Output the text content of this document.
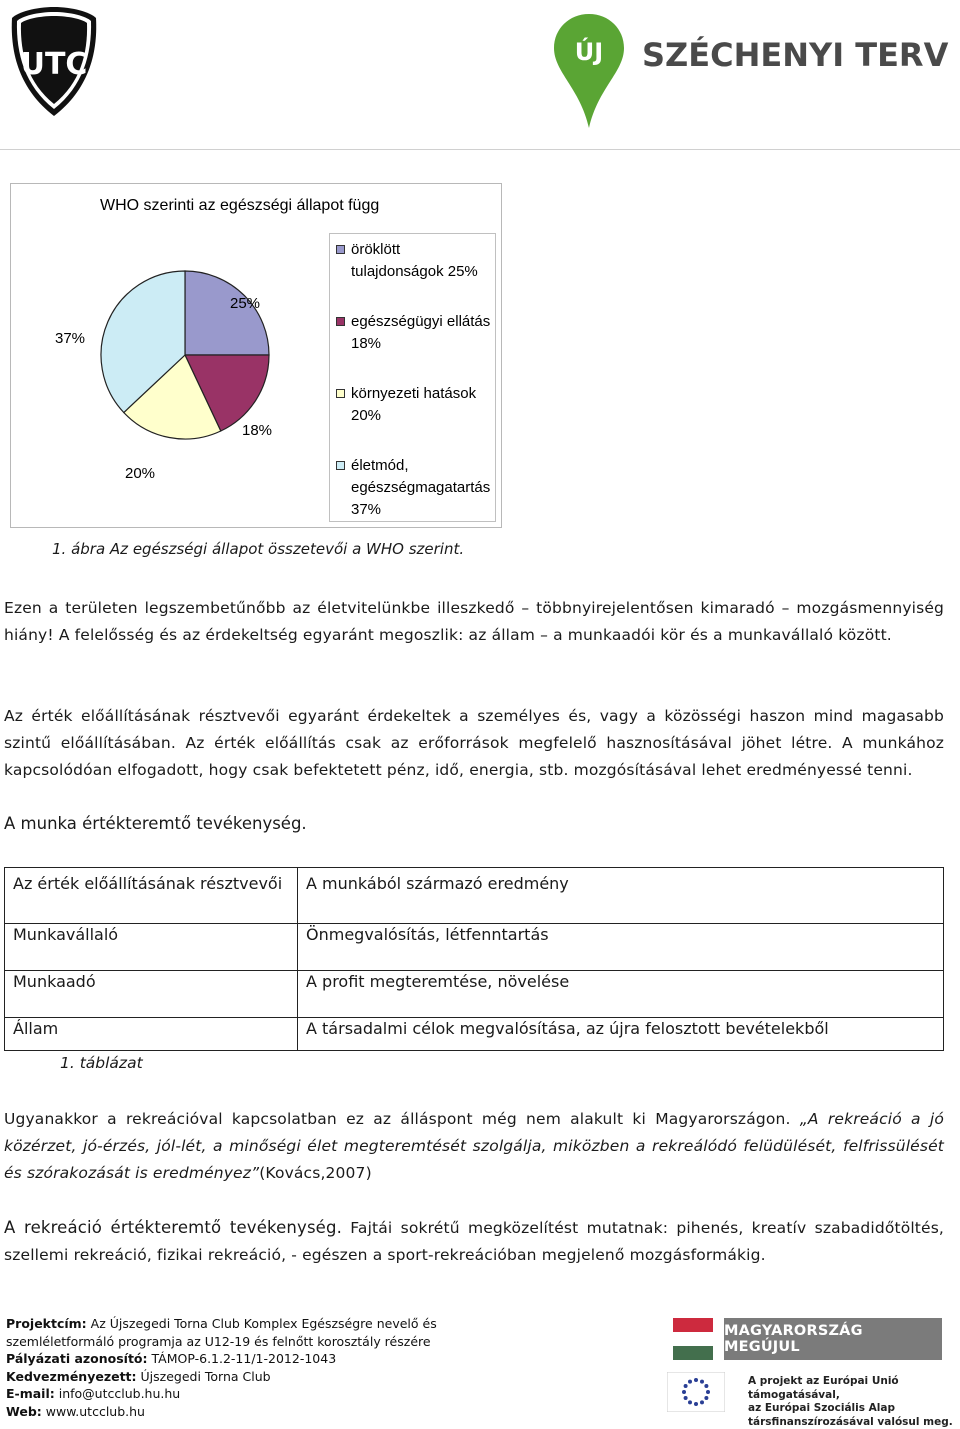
UTC	ÚJ SZÉCHENYI TERV
WHO szerinti az egészségi állapot függ
25%
18%
20%
37%
öröklött tulajdonságok 25%
egészségügyi ellátás 18%
környezeti hatások 20%
életmód, egészségmagatartás 37%
1. ábra Az egészségi állapot összetevői a WHO szerint.
Ezen a területen legszembetűnőbb az életvitelünkbe illeszkedő – többnyirejelentősen kimaradó – mozgásmennyiség hiány! A felelősség és az érdekeltség egyaránt megoszlik: az állam – a munkaadói kör és a munkavállaló között.
Az érték előállításának résztvevői egyaránt érdekeltek a személyes és, vagy a közösségi haszon mind magasabb szintű előállításában. Az érték előállítás csak az erőforrások megfelelő hasznosításával jöhet létre. A munkához kapcsolódóan elfogadott, hogy csak befektetett pénz, idő, energia, stb. mozgósításával lehet eredményessé tenni.
A munka értékteremtő tevékenység.
Az érték előállításának résztvevői	A munkából származó eredmény
Munkavállaló	Önmegvalósítás, létfenntartás
Munkaadó	A profit megteremtése, növelése
Állam	A társadalmi célok megvalósítása, az újra felosztott bevételekből
1. táblázat
Ugyanakkor a rekreációval kapcsolatban ez az álláspont még nem alakult ki Magyarországon. „A rekreáció a jó közérzet, jó-érzés, jól-lét, a minőségi élet megteremtését szolgálja, miközben a rekreálódó felüdülését, felfrissülését és szórakozását is eredményez”(Kovács,2007)
A rekreáció értékteremtő tevékenység. Fajtái sokrétű megközelítést mutatnak: pihenés, kreatív szabadidőtöltés, szellemi rekreáció, fizikai rekreáció, - egészen a sport-rekreációban megjelenő mozgásformákig.
Projektcím: Az Újszegedi Torna Club Komplex Egészségre nevelő és szemléletformáló programja az U12-19 és felnőtt korosztály részére
Pályázati azonosító: TÁMOP-6.1.2-11/1-2012-1043
Kedvezményezett: Újszegedi Torna Club
E-mail: info@utcclub.hu.hu
Web: www.utcclub.hu
MAGYARORSZÁG MEGÚJUL
A projekt az Európai Unió támogatásával,
az Európai Szociális Alap
társfinanszírozásával valósul meg.
